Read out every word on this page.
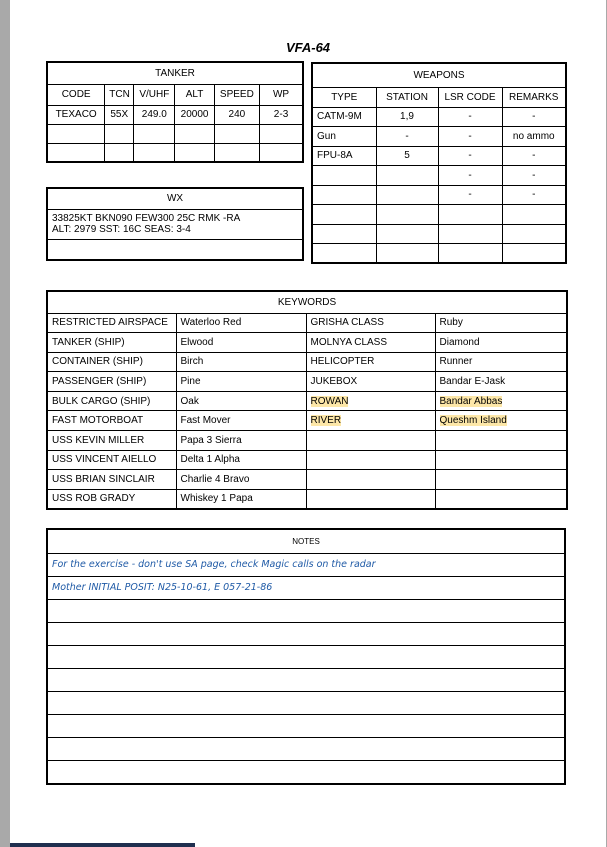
VFA-64
TANKER					
CODE	TCN	V/UHF	ALT	SPEED	WP
TEXACO	55X	249.0	20000	240	2-3

WEAPONS			
TYPE	STATION	LSR CODE	REMARKS
CATM-9M	1,9	-	-
Gun	-	-	no ammo
FPU-8A	5	-	-
		-	-
		-	-

WX

33825KT BKN090 FEW300 25C RMK -RA
ALT: 2979 SST: 16C SEAS: 3-4

KEYWORDS			
RESTRICTED AIRSPACE	Waterloo Red	GRISHA CLASS	Ruby
TANKER (SHIP)	Elwood	MOLNYA CLASS	Diamond
CONTAINER (SHIP)	Birch	HELICOPTER	Runner
PASSENGER (SHIP)	Pine	JUKEBOX	Bandar E-Jask
BULK CARGO (SHIP)	Oak	ROWAN	Bandar Abbas
FAST MOTORBOAT	Fast Mover	RIVER	Queshm Island
USS KEVIN MILLER	Papa 3 Sierra		
USS VINCENT AIELLO	Delta 1 Alpha		
USS BRIAN SINCLAIR	Charlie 4 Bravo		
USS ROB GRADY	Whiskey 1 Papa		
NOTES
For the exercise - don't use SA page, check Magic calls on the radar
Mother INITIAL POSIT: N25-10-61, E 057-21-86
